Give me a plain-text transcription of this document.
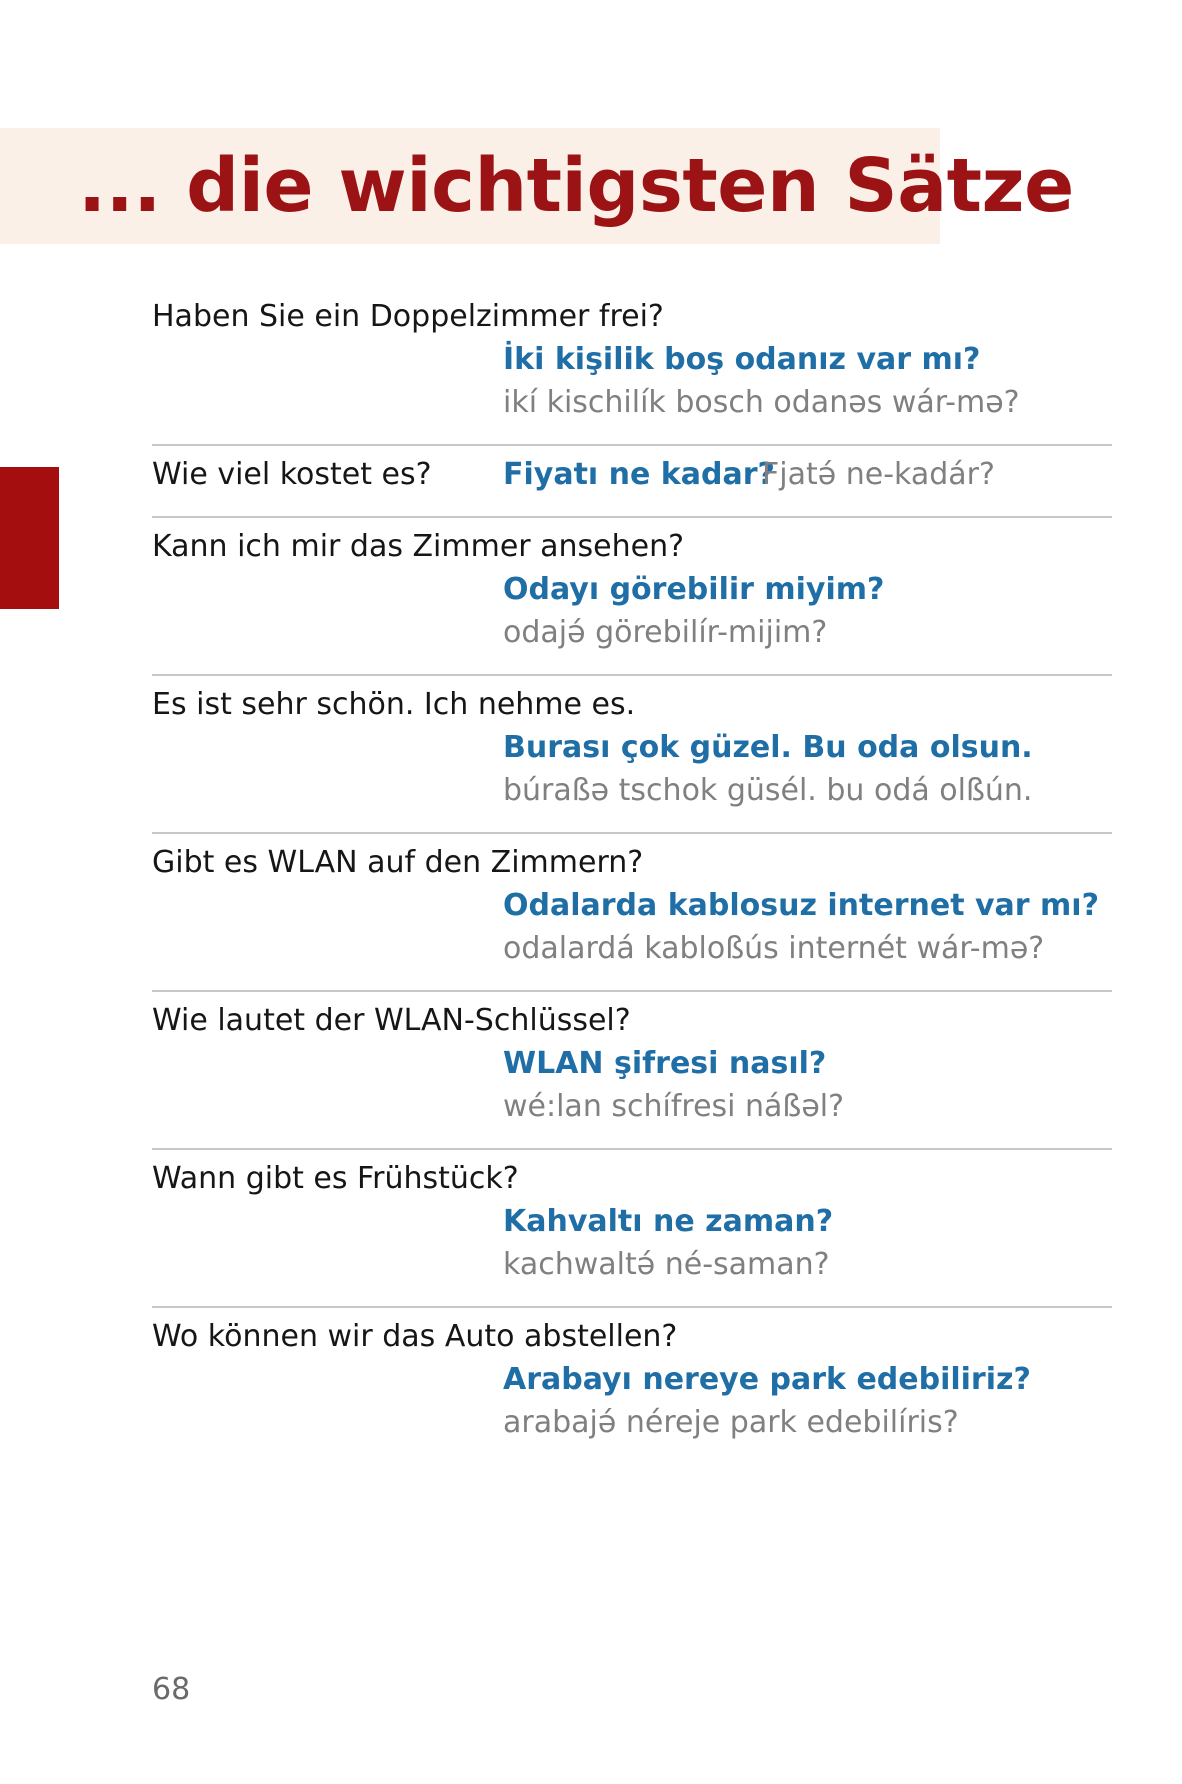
... die wichtigsten Sätze

Haben Sie ein Doppelzimmer frei?

İki kişilik boş odanız var mı?

ikí kischilík bosch odanəs wár-mə?

Wie viel kostet es? Fiyatı ne kadar?

Fjatə́ ne-kadár?

Kann ich mir das Zimmer ansehen?

Odayı görebilir miyim?

odajə́ görebilír-mijim?

Es ist sehr schön. Ich nehme es.

Burası çok güzel. Bu oda olsun.

búraßə tschok güsél. bu odá olßún.

Gibt es WLAN auf den Zimmern?

Odalarda kablosuz internet var mı?

odalardá kabloßús internét wár-mə?

Wie lautet der WLAN-Schlüssel?

WLAN şifresi nasıl?

wé:lan schífresi náßəl?

Wann gibt es Frühstück?

Kahvaltı ne zaman?

kachwaltə́ né-saman?

Wo können wir das Auto abstellen?

Arabayı nereye park edebiliriz?

arabajə́ néreje park edebilíris?

68
